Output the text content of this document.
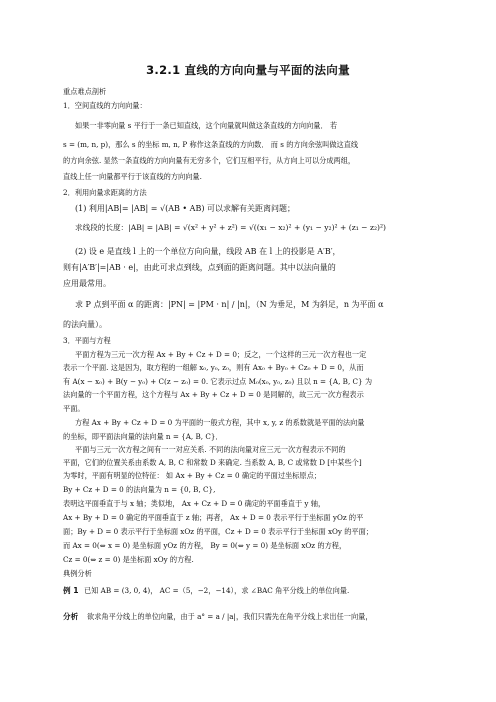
3.2.1 直线的方向向量与平面的法向量
重点难点剖析
1．空间直线的方向向量：
如果一非零向量 s 平行于一条已知直线，这个向量就叫做这条直线的方向向量． 若
s = (m, n, p)，那么 s 的坐标 m, n, P 称作这条直线的方向数． 而 s 的方向余弦叫做这直线
的方向余弦. 显然一条直线的方向向量有无穷多个，它们互相平行，从方向上可以分成两组，
直线上任一向量都平行于该直线的方向向量.
2．利用向量求距离的方法
(1) 利用|AB|= |AB| = √(AB • AB) 可以求解有关距离问题；
求线段的长度：|AB| = |AB| = √(x² + y² + z²) = √((x₁ − x₂)² + (y₁ − y₂)² + (z₁ − z₂)²)
(2) 设 e 是直线 l 上的一个单位方向向量，线段 AB 在 l 上的投影是 A′B′，
则有|A′B′|=|AB · e|，由此可求点到线，点到面的距离问题。其中以法向量的
应用最常用。
求 P 点到平面 α 的距离：|PN| = |PM · n| / |n|，（N 为垂足，M 为斜足，n 为平面 α
的法向量）。
3．平面与方程
平面方程为三元一次方程 Ax + By + Cz + D = 0；反之，一个这样的三元一次方程也一定
表示一个平面. 这是因为，取方程的一组解 x₀, y₀, z₀，则有 Ax₀ + By₀ + Cz₀ + D = 0，从而
有 A(x − x₀) + B(y − y₀) + C(z − z₀) = 0. 它表示过点 M₀(x₀, y₀, z₀) 且以 n = {A, B, C} 为
法向量的一个平面方程，这个方程与 Ax + By + Cz + D = 0 是同解的，故三元一次方程表示
平面。
方程 Ax + By + Cz + D = 0 为平面的一般式方程，其中 x, y, z 的系数就是平面的法向量
的坐标，即平面法向量的法向量 n = {A, B, C}．
平面与三元一次方程之间有一一对应关系. 不同的法向量对应三元一次方程表示不同的
平面，它们的位置关系由系数 A, B, C 和常数 D 来确定. 当系数 A, B, C 或常数 D [中某些个]
为零时，平面有明显的位特征： 如 Ax + By + Cz = 0 确定的平面过坐标原点；
By + Cz + D = 0 的法向量为 n = {0, B, C},
表明这平面垂直于与 x 轴；类似地， Ax + Cz + D = 0 确定的平面垂直于 y 轴，
Ax + By + D = 0 确定的平面垂直于 z 轴；再者， Ax + D = 0 表示平行于坐标面 yOz 的平
面；By + D = 0 表示平行于坐标面 xOz 的平面，Cz + D = 0 表示平行于坐标面 xOy 的平面；
而 Ax = 0(⇔ x = 0) 是坐标面 yOz 的方程， By = 0(⇔ y = 0) 是坐标面 xOz 的方程，
Cz = 0(⇔ z = 0) 是坐标面 xOy 的方程.
典例分析
例 1 已知 AB = (3, 0, 4)， AC =（5，−2，−14），求 ∠BAC 角平分线上的单位向量.
分析 欲求角平分线上的单位向量，由于 a° = a / |a|，我们只需先在角平分线上求出任一向量，
